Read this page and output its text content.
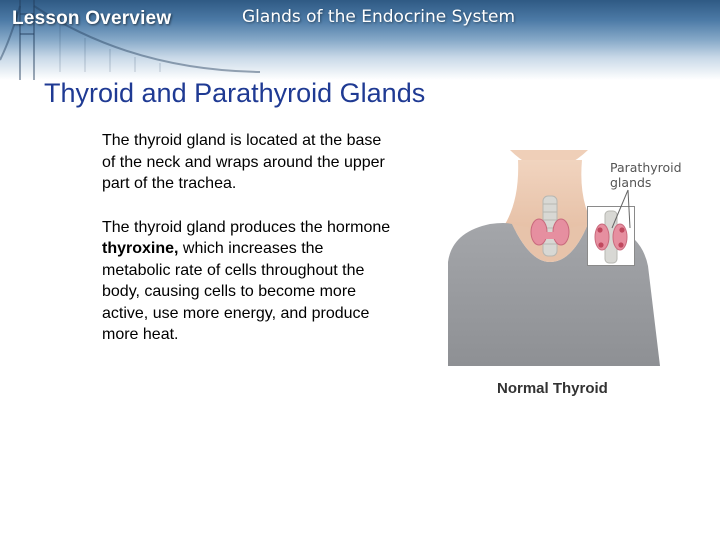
Lesson Overview	Glands of the Endocrine System
Thyroid and Parathyroid Glands

The thyroid gland is located at the base of the neck and wraps around the upper part of the trachea.

The thyroid gland produces the hormone thyroxine, which increases the metabolic rate of cells throughout the body, causing cells to become more active, use more energy, and produce more heat.

Parathyroid
glands
Normal Thyroid
